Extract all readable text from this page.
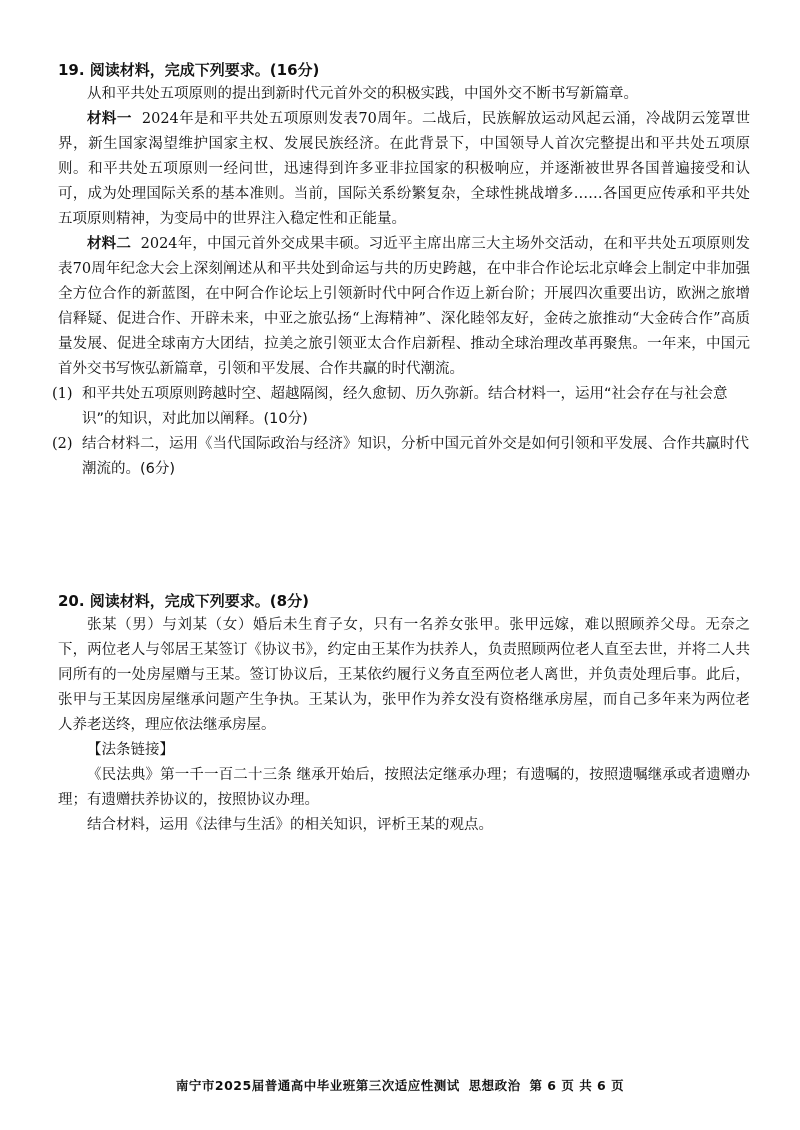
19. 阅读材料，完成下列要求。(16分)

从和平共处五项原则的提出到新时代元首外交的积极实践，中国外交不断书写新篇章。

材料一 2024年是和平共处五项原则发表70周年。二战后，民族解放运动风起云涌，冷战阴云笼罩世界，新生国家渴望维护国家主权、发展民族经济。在此背景下，中国领导人首次完整提出和平共处五项原则。和平共处五项原则一经问世，迅速得到许多亚非拉国家的积极响应，并逐渐被世界各国普遍接受和认可，成为处理国际关系的基本准则。当前，国际关系纷繁复杂，全球性挑战增多……各国更应传承和平共处五项原则精神，为变局中的世界注入稳定性和正能量。

材料二 2024年，中国元首外交成果丰硕。习近平主席出席三大主场外交活动，在和平共处五项原则发表70周年纪念大会上深刻阐述从和平共处到命运与共的历史跨越，在中非合作论坛北京峰会上制定中非加强全方位合作的新蓝图，在中阿合作论坛上引领新时代中阿合作迈上新台阶；开展四次重要出访，欧洲之旅增信释疑、促进合作、开辟未来，中亚之旅弘扬“上海精神”、深化睦邻友好，金砖之旅推动“大金砖合作”高质量发展、促进全球南方大团结，拉美之旅引领亚太合作启新程、推动全球治理改革再聚焦。一年来，中国元首外交书写恢弘新篇章，引领和平发展、合作共赢的时代潮流。

(1) 和平共处五项原则跨越时空、超越隔阂，经久愈韧、历久弥新。结合材料一，运用“社会存在与社会意识”的知识，对此加以阐释。(10分)
(2) 结合材料二，运用《当代国际政治与经济》知识，分析中国元首外交是如何引领和平发展、合作共赢时代潮流的。(6分)
20. 阅读材料，完成下列要求。(8分)

张某（男）与刘某（女）婚后未生育子女，只有一名养女张甲。张甲远嫁，难以照顾养父母。无奈之下，两位老人与邻居王某签订《协议书》，约定由王某作为扶养人，负责照顾两位老人直至去世，并将二人共同所有的一处房屋赠与王某。签订协议后，王某依约履行义务直至两位老人离世，并负责处理后事。此后，张甲与王某因房屋继承问题产生争执。王某认为，张甲作为养女没有资格继承房屋，而自己多年来为两位老人养老送终，理应依法继承房屋。

【法条链接】

《民法典》第一千一百二十三条 继承开始后，按照法定继承办理；有遗嘱的，按照遗嘱继承或者遗赠办理；有遗赠扶养协议的，按照协议办理。

结合材料，运用《法律与生活》的相关知识，评析王某的观点。

南宁市2025届普通高中毕业班第三次适应性测试 思想政治 第 6 页 共 6 页
